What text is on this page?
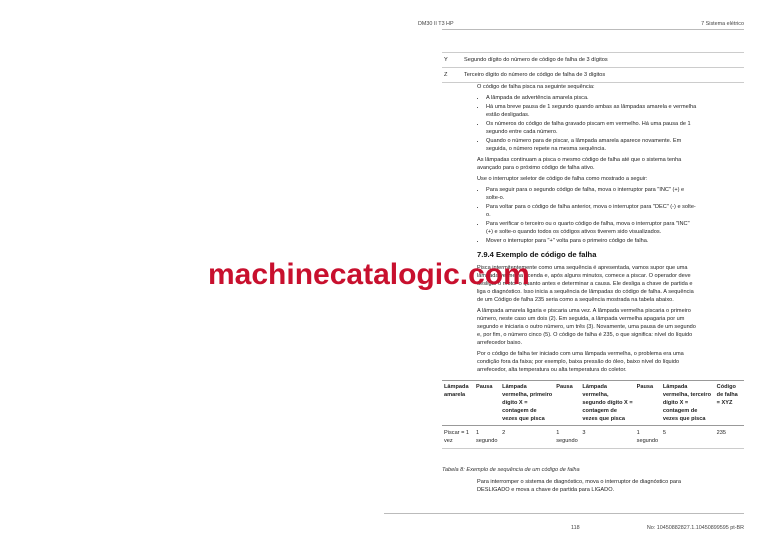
DM30 II T3 HP	7 Sistema elétrico
Y	Segundo dígito do número de código de falha de 3 dígitos
Z	Terceiro dígito do número de código de falha de 3 dígitos

O código de falha pisca na seguinte sequência:

• A lâmpada de advertência amarela pisca.
• Há uma breve pausa de 1 segundo quando ambas as lâmpadas amarela e vermelha estão desligadas.
• Os números do código de falha gravado piscam em vermelho. Há uma pausa de 1 segundo entre cada número.
• Quando o número para de piscar, a lâmpada amarela aparece novamente. Em seguida, o número repete na mesma sequência.

As lâmpadas continuam a pisca o mesmo código de falha até que o sistema tenha avançado para o próximo código de falha ativo.

Use o interruptor seletor de código de falha como mostrado a seguir:

• Para seguir para o segundo código de falha, mova o interruptor para "INC" (+) e solte-o.
• Para voltar para o código de falha anterior, mova o interruptor para "DEC" (-) e solte-o.
• Para verificar o terceiro ou o quarto código de falha, mova o interruptor para "INC" (+) e solte-o quando todos os códigos ativos tiverem sido visualizados.
• Mover o interruptor para "+" volta para o primeiro código de falha.
7.9.4 Exemplo de código de falha

Pisca intermitentemente como uma sequência é apresentada, vamos supor que uma lâmpada vermelha acenda e, após alguns minutos, comece a piscar. O operador deve desligar o motor o quanto antes e determinar a causa. Ele desliga a chave de partida e liga o diagnóstico. Isso inicia a sequência de lâmpadas do código de falha. A sequência de um Código de falha 235 seria como a sequência mostrada na tabela abaixo.

A lâmpada amarela ligaria e piscaria uma vez. A lâmpada vermelha piscaria o primeiro número, neste caso um dois (2). Em seguida, a lâmpada vermelha apagaria por um segundo e iniciaria o outro número, um três (3). Novamente, uma pausa de um segundo e, por fim, o número cinco (5). O código de falha é 235, o que significa: nível do líquido arrefecedor baixo.

Por o código de falha ter iniciado com uma lâmpada vermelha, o problema era uma condição fora da faixa; por exemplo, baixa pressão do óleo, baixo nível do líquido arrefecedor, alta temperatura ou alta temperatura do coletor.

machinecatalogic.com
Lâmpada amarela	Pausa	Lâmpada vermelha, primeiro dígito X = contagem de vezes que pisca	Pausa	Lâmpada vermelha, segundo dígito X = contagem de vezes que pisca	Pausa	Lâmpada vermelha, terceiro dígito X = contagem de vezes que pisca	Código de falha = XYZ
Piscar = 1 vez	1 segundo	2	1 segundo	3	1 segundo	5	235
Tabela 8: Exemplo de sequência de um código de falha
Para interromper o sistema de diagnóstico, mova o interruptor de diagnóstico para DESLIGADO e mova a chave de partida para LIGADO.
118	No: 10450882827.1.10450899595 pt-BR
